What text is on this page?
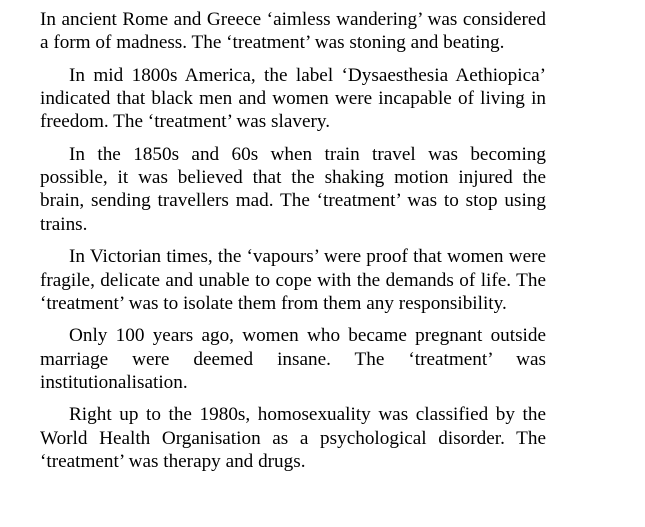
In ancient Rome and Greece ‘aimless wandering’ was considered a form of madness. The ‘treatment’ was stoning and beating.

In mid 1800s America, the label ‘Dysaesthesia Aethiopica’ indicated that black men and women were incapable of living in freedom. The ‘treatment’ was slavery.

In the 1850s and 60s when train travel was becoming possible, it was believed that the shaking motion injured the brain, sending travellers mad. The ‘treatment’ was to stop using trains.

In Victorian times, the ‘vapours’ were proof that women were fragile, delicate and unable to cope with the demands of life. The ‘treatment’ was to isolate them from them any responsibility.

Only 100 years ago, women who became pregnant outside marriage were deemed insane. The ‘treatment’ was institutionalisation.

Right up to the 1980s, homosexuality was classified by the World Health Organisation as a psychological disorder. The ‘treatment’ was therapy and drugs.
